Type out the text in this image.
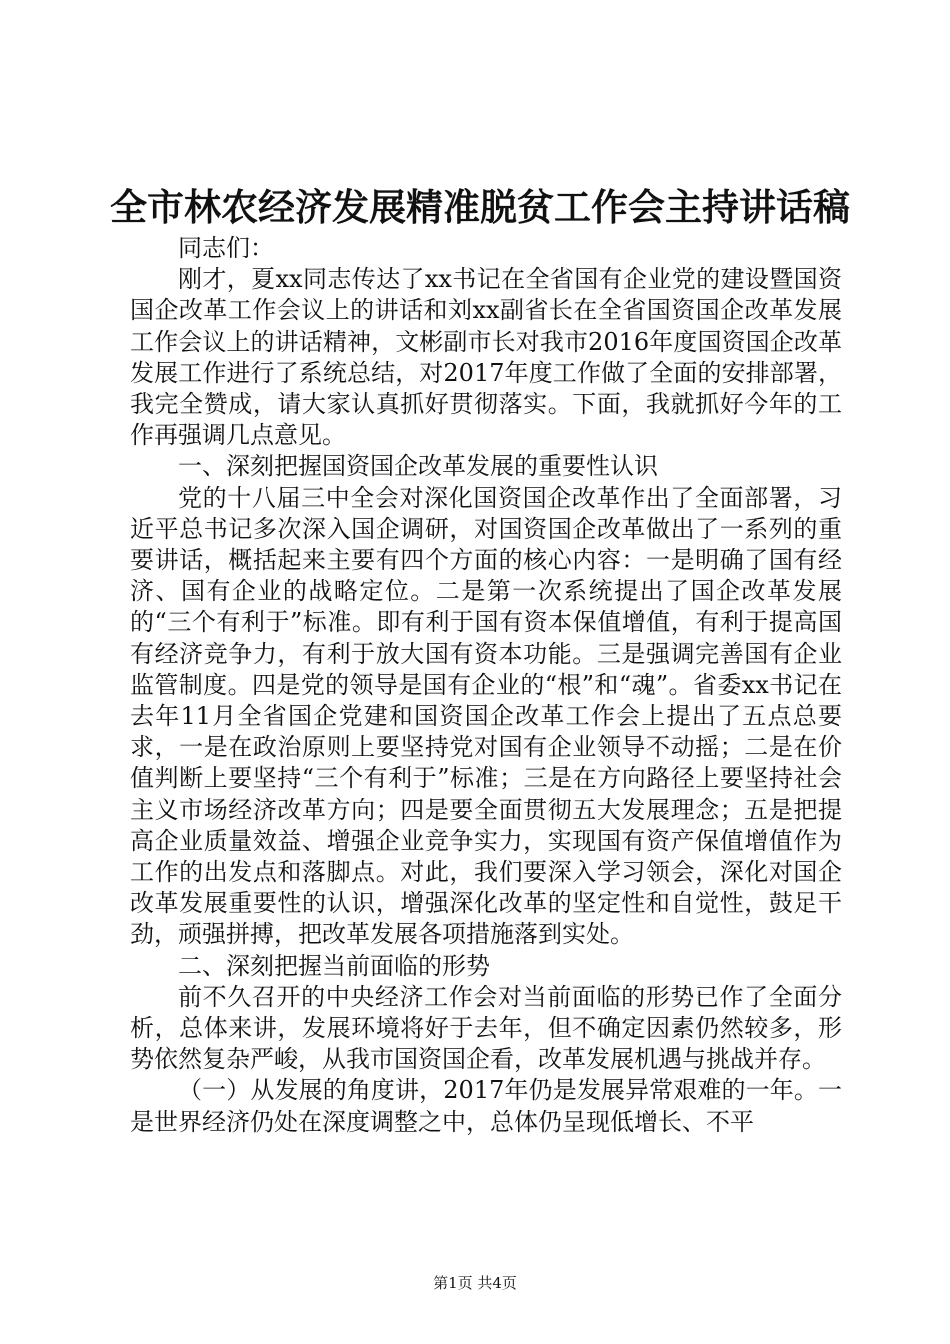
全市林农经济发展精准脱贫工作会主持讲话稿

同志们：

刚才，夏xx同志传达了xx书记在全省国有企业党的建设暨国资国企改革工作会议上的讲话和刘xx副省长在全省国资国企改革发展工作会议上的讲话精神，文彬副市长对我市2016年度国资国企改革发展工作进行了系统总结，对2017年度工作做了全面的安排部署，我完全赞成，请大家认真抓好贯彻落实。下面，我就抓好今年的工作再强调几点意见。

一、深刻把握国资国企改革发展的重要性认识

党的十八届三中全会对深化国资国企改革作出了全面部署，习近平总书记多次深入国企调研，对国资国企改革做出了一系列的重要讲话，概括起来主要有四个方面的核心内容：一是明确了国有经济、国有企业的战略定位。二是第一次系统提出了国企改革发展的“三个有利于”标准。即有利于国有资本保值增值，有利于提高国有经济竞争力，有利于放大国有资本功能。三是强调完善国有企业监管制度。四是党的领导是国有企业的“根”和“魂”。省委xx书记在去年11月全省国企党建和国资国企改革工作会上提出了五点总要求，一是在政治原则上要坚持党对国有企业领导不动摇；二是在价值判断上要坚持“三个有利于”标准；三是在方向路径上要坚持社会主义市场经济改革方向；四是要全面贯彻五大发展理念；五是把提高企业质量效益、增强企业竞争实力，实现国有资产保值增值作为工作的出发点和落脚点。对此，我们要深入学习领会，深化对国企改革发展重要性的认识，增强深化改革的坚定性和自觉性，鼓足干劲，顽强拼搏，把改革发展各项措施落到实处。

二、深刻把握当前面临的形势

前不久召开的中央经济工作会对当前面临的形势已作了全面分析，总体来讲，发展环境将好于去年，但不确定因素仍然较多，形势依然复杂严峻，从我市国资国企看，改革发展机遇与挑战并存。

（一）从发展的角度讲，2017年仍是发展异常艰难的一年。一是世界经济仍处在深度调整之中，总体仍呈现低增长、不平

第1页 共4页
